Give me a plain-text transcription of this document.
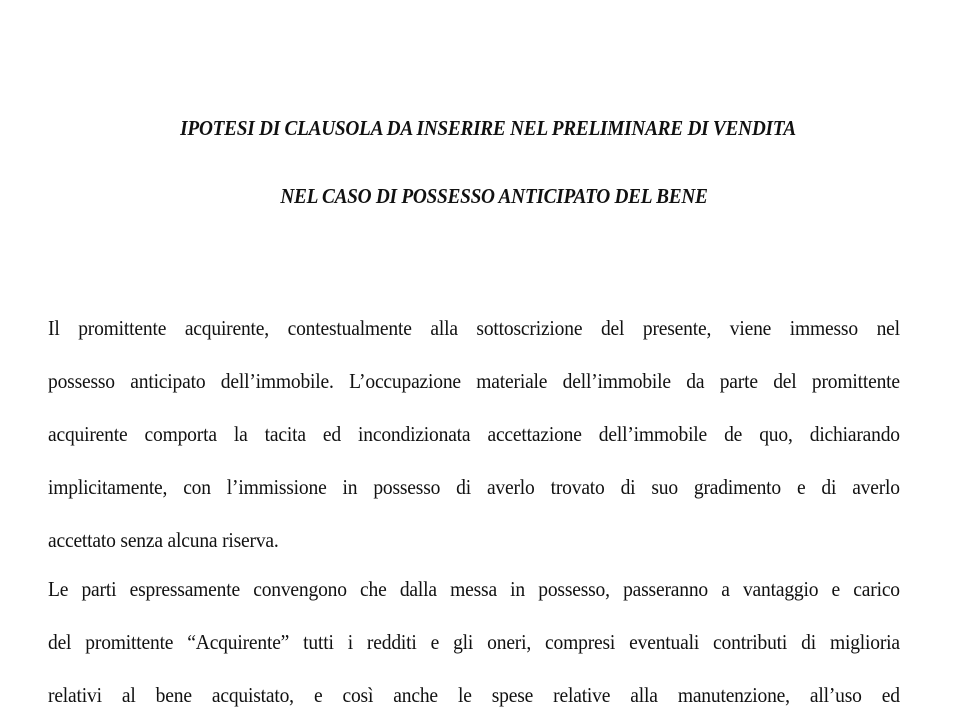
IPOTESI DI CLAUSOLA DA INSERIRE NEL PRELIMINARE DI VENDITA
NEL CASO DI POSSESSO ANTICIPATO DEL BENE
Il promittente acquirente, contestualmente alla sottoscrizione del presente, viene immesso nel
possesso anticipato dell’immobile. L’occupazione materiale dell’immobile da parte del promittente
acquirente comporta la tacita ed incondizionata accettazione dell’immobile de quo, dichiarando
implicitamente, con l’immissione in possesso di averlo trovato di suo gradimento e di averlo
accettato senza alcuna riserva.
Le parti espressamente convengono che dalla messa in possesso, passeranno a vantaggio e carico
del promittente “Acquirente” tutti i redditi e gli oneri, compresi eventuali contributi di miglioria
relativi al bene acquistato, e così anche le spese relative alla manutenzione, all’uso ed
